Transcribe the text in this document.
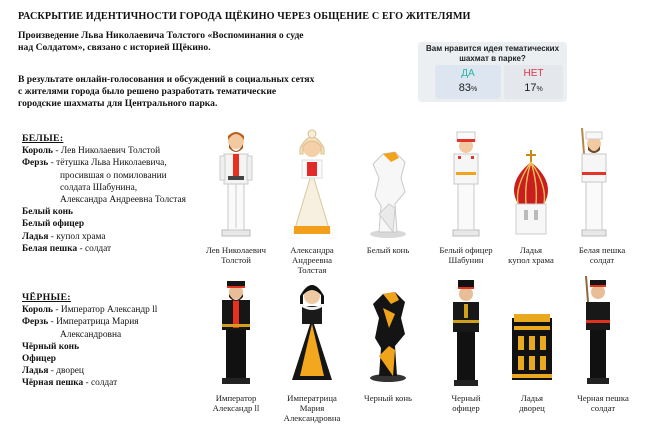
РАСКРЫТИЕ ИДЕНТИЧНОСТИ ГОРОДА ЩЁКИНО ЧЕРЕЗ ОБЩЕНИЕ С ЕГО ЖИТЕЛЯМИ
Произведение Льва Николаевича Толстого «Воспоминания о суде над Солдатом», связано с историей Щёкино.
В результате онлайн-голосования и обсуждений в социальных сетях с жителями города было решено разработать тематические городские шахматы для Центрального парка.
Вам нравится идея тематических шахмат в парке?
ДА
83%
НЕТ
17%
БЕЛЫЕ:
Король - Лев Николаевич Толстой
Ферзь - тётушка Льва Николаевича,
просившая о помиловании
солдата Шабунина,
Александра Андреевна Толстая
Белый конь
Белый офицер
Ладья - купол храма
Белая пешка - солдат
ЧЁРНЫЕ:
Король - Император Александр ll
Ферзь - Императрица Мария
Александровна
Чёрный конь
Офицер
Ладья - дворец
Чёрная пешка - солдат
Лев Николаевич
Толстой
Александра
Андреевна
Толстая
Белый конь	Белый офицер
Шабунин
Ладья
купол храма
Белая пешка
солдат
Император
Александр ll
Императрица
Мария
Александровна
Черный конь	Черный
офицер
Ладья
дворец
Черная пешка
солдат
